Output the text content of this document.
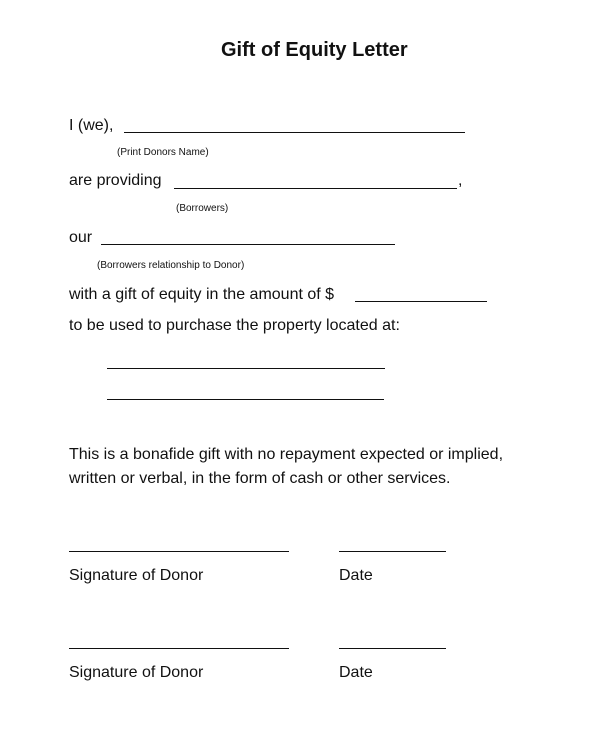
Gift of Equity Letter
I (we),
(Print Donors Name)
are providing	,
(Borrowers)
our
(Borrowers relationship to Donor)
with a gift of equity in the amount of $
to be used to purchase the property located at:
This is a bonafide gift with no repayment expected or implied,
written or verbal, in the form of cash or other services.
Signature of Donor	Date
Signature of Donor	Date
